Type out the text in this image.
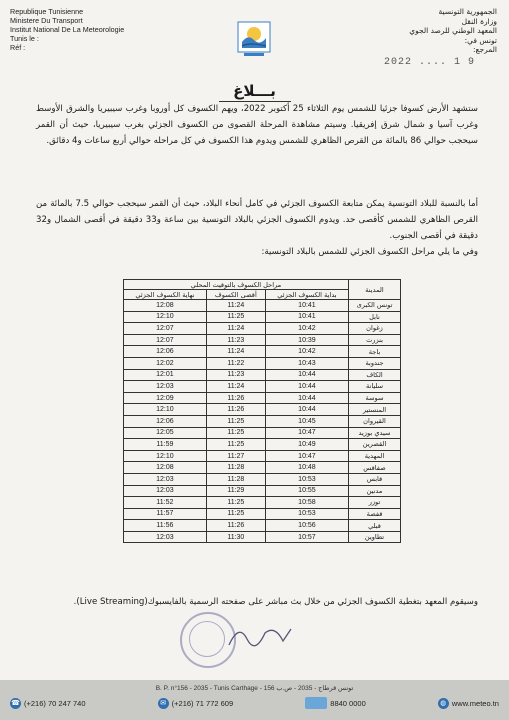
Republique Tunisienne
Ministere Du Transport
Institut National De La Meteorologie
Tunis le :
Réf :
الجمهورية التونسية
وزارة النقل
المعهد الوطني للرصد الجوي
تونس في:
المرجع:
2022 .... 1 9
بـــلاغ
ستشهد الأرض كسوفا جزئيا للشمس يوم الثلاثاء 25 أكتوبر 2022، ويهم الكسوف كل أوروبا وغرب سيبيريا والشرق الأوسط وغرب آسيا و شمال شرق إفريقيا. وسيتم مشاهدة المرحلة القصوى من الكسوف الجزئي بغرب سيبيريا، حيث أن القمر سيحجب حوالي 86 بالمائة من القرص الظاهري للشمس ويدوم هذا الكسوف في كل مراحله حوالي أربع ساعات و4 دقائق.
أما بالنسبة للبلاد التونسية يمكن متابعة الكسوف الجزئي في كامل أنحاء البلاد، حيث أن القمر سيحجب حوالي 7.5 بالمائة من القرص الظاهري للشمس كأقصى حد. ويدوم الكسوف الجزئي بالبلاد التونسية بين ساعة و33 دقيقة في أقصى الشمال و32 دقيقة في أقصى الجنوب.
وفي ما يلي مراحل الكسوف الجزئي للشمس بالبلاد التونسية:
المدينة	مراحل الكسوف بالتوقيت المحلي		
	بداية الكسوف الجزئي	أقصى الكسوف	نهاية الكسوف الجزئي
تونس الكبرى	10:41	11:24	12:08
نابل	10:41	11:25	12:10
زغوان	10:42	11:24	12:07
بنزرت	10:39	11:23	12:07
باجة	10:42	11:24	12:06
جندوبة	10:43	11:22	12:02
الكاف	10:44	11:23	12:01
سليانة	10:44	11:24	12:03
سوسة	10:44	11:26	12:09
المنستير	10:44	11:26	12:10
القيروان	10:45	11:25	12:06
سيدي بوزيد	10:47	11:25	12:05
القصرين	10:49	11:25	11:59
المهدية	10:47	11:27	12:10
صفاقس	10:48	11:28	12:08
قابس	10:53	11:28	12:03
مدنين	10:55	11:29	12:03
توزر	10:58	11:25	11:52
قفصة	10:53	11:25	11:57
قبلي	10:56	11:26	11:56
تطاوين	10:57	11:30	12:03
وسيقوم المعهد بتغطية الكسوف الجزئي من خلال بث مباشر على صفحته الرسمية بالفايسبوك(Live Streaming).
B. P. n°156 - 2035 - Tunis Carthage - تونس قرطاج - 2035 - ص.ب 156
☎ (+216) 70 247 740	✉ (+216) 71 772 609	8840 0000	◍ www.meteo.tn
